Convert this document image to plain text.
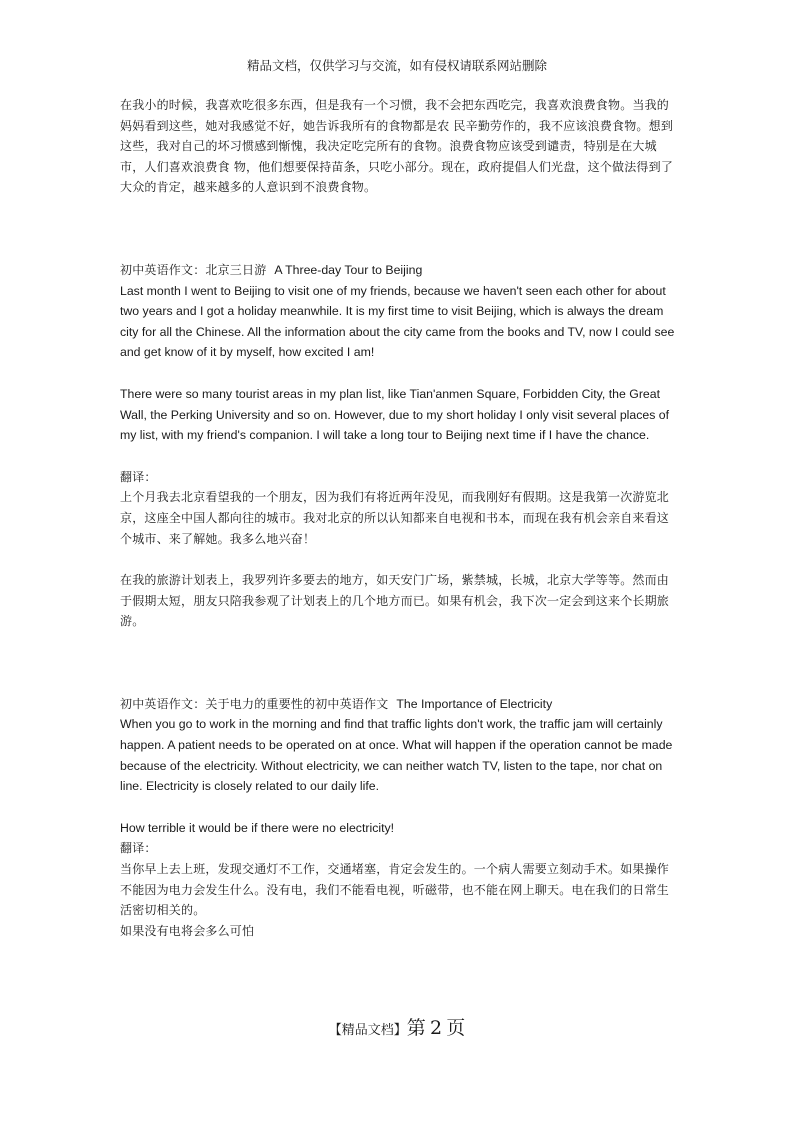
精品文档，仅供学习与交流，如有侵权请联系网站删除

在我小的时候，我喜欢吃很多东西，但是我有一个习惯，我不会把东西吃完，我喜欢浪费食物。当我的妈妈看到这些，她对我感觉不好，她告诉我所有的食物都是农 民辛勤劳作的，我不应该浪费食物。想到这些，我对自己的坏习惯感到惭愧，我决定吃完所有的食物。浪费食物应该受到谴责，特别是在大城市，人们喜欢浪费食 物，他们想要保持苗条，只吃小部分。现在，政府提倡人们光盘，这个做法得到了大众的肯定，越来越多的人意识到不浪费食物。

初中英语作文：北京三日游 A Three-day Tour to Beijing

Last month I went to Beijing to visit one of my friends, because we haven't seen each other for about two years and I got a holiday meanwhile. It is my first time to visit Beijing, which is always the dream city for all the Chinese. All the information about the city came from the books and TV, now I could see and get know of it by myself, how excited I am!

There were so many tourist areas in my plan list, like Tian'anmen Square, Forbidden City, the Great Wall, the Perking University and so on. However, due to my short holiday I only visit several places of my list, with my friend's companion. I will take a long tour to Beijing next time if I have the chance.

翻译：

上个月我去北京看望我的一个朋友，因为我们有将近两年没见，而我刚好有假期。这是我第一次游览北京，这座全中国人都向往的城市。我对北京的所以认知都来自电视和书本，而现在我有机会亲自来看这个城市、来了解她。我多么地兴奋！

在我的旅游计划表上，我罗列许多要去的地方，如天安门广场，紫禁城，长城，北京大学等等。然而由于假期太短，朋友只陪我参观了计划表上的几个地方而已。如果有机会，我下次一定会到这来个长期旅游。

初中英语作文：关于电力的重要性的初中英语作文 The Importance of Electricity

When you go to work in the morning and find that traffic lights don't work, the traffic jam will certainly happen. A patient needs to be operated on at once. What will happen if the operation cannot be made because of the electricity. Without electricity, we can neither watch TV, listen to the tape, nor chat on line. Electricity is closely related to our daily life.

How terrible it would be if there were no electricity!

翻译：

当你早上去上班，发现交通灯不工作，交通堵塞，肯定会发生的。一个病人需要立刻动手术。如果操作不能因为电力会发生什么。没有电，我们不能看电视，听磁带，也不能在网上聊天。电在我们的日常生活密切相关的。

如果没有电将会多么可怕

【精品文档】第 2 页
